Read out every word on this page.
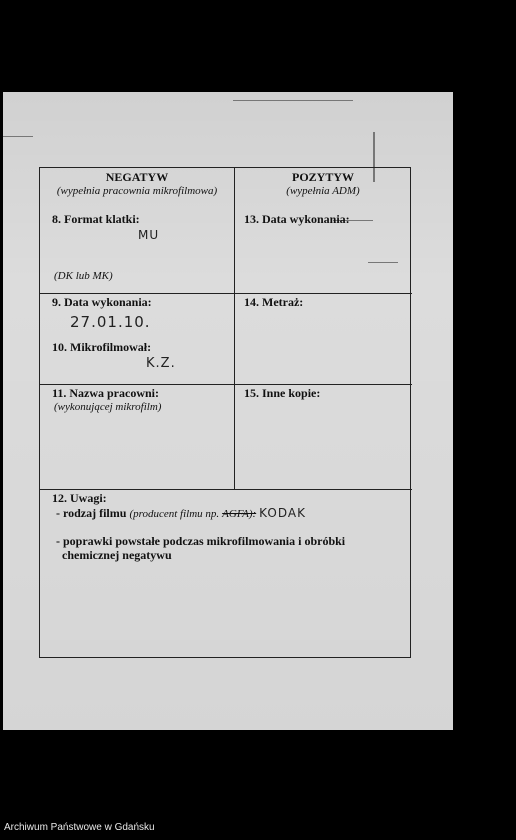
NEGATYW
(wypełnia pracownia mikrofilmowa)
POZYTYW
(wypełnia ADM)
8. Format klatki:
MU
(DK lub MK)
13. Data wykonania:
9. Data wykonania:
27.01.10.
10. Mikrofilmował:
K.Z.
14. Metraż:
11. Nazwa pracowni:
(wykonującej mikrofilm)
15. Inne kopie:
12. Uwagi:
- rodzaj filmu (producent filmu np. AGFA): KODAK
- poprawki powstałe podczas mikrofilmowania i obróbki
chemicznej negatywu
Archiwum Państwowe w Gdańsku
